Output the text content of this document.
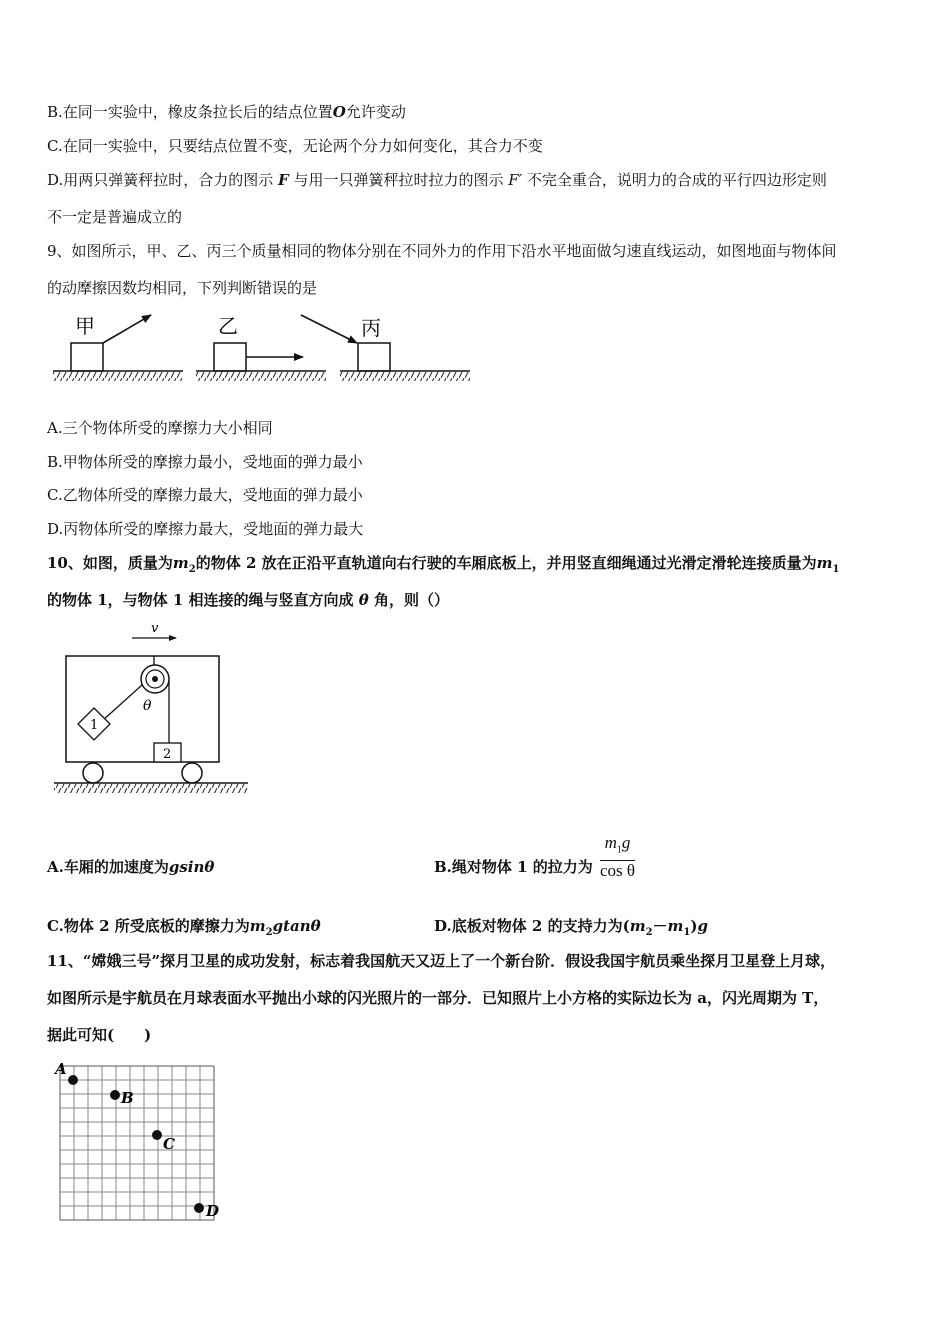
B.在同一实验中，橡皮条拉长后的结点位置O允许变动
C.在同一实验中，只要结点位置不变，无论两个分力如何变化，其合力不变
D.用两只弹簧秤拉时，合力的图示 F 与用一只弹簧秤拉时拉力的图示 F′ 不完全重合，说明力的合成的平行四边形定则
不一定是普遍成立的
9、如图所示，甲、乙、丙三个质量相同的物体分别在不同外力的作用下沿水平地面做匀速直线运动，如图地面与物体间
的动摩擦因数均相同，下列判断错误的是
甲	乙	丙
A.三个物体所受的摩擦力大小相同
B.甲物体所受的摩擦力最小，受地面的弹力最小
C.乙物体所受的摩擦力最大，受地面的弹力最小
D.丙物体所受的摩擦力最大，受地面的弹力最大
10、如图，质量为$m_2$的物体 2 放在正沿平直轨道向右行驶的车厢底板上，并用竖直细绳通过光滑定滑轮连接质量为$m_1$
的物体 1，与物体 1 相连接的绳与竖直方向成 θ 角，则（）
v
θ
1
2
A.车厢的加速度为gsinθ	B.绳对物体 1 的拉力为 $\frac{m_1g}{\text{cos θ}}$
C.物体 2 所受底板的摩擦力为$m_2gtan\theta$	D.底板对物体 2 的支持力为$(m_2-m_1)g$
11、“嫦娥三号”探月卫星的成功发射，标志着我国航天又迈上了一个新台阶．假设我国宇航员乘坐探月卫星登上月球，
如图所示是宇航员在月球表面水平抛出小球的闪光照片的一部分．已知照片上小方格的实际边长为 a，闪光周期为 T，
据此可知(　　)
A
B
C
D
